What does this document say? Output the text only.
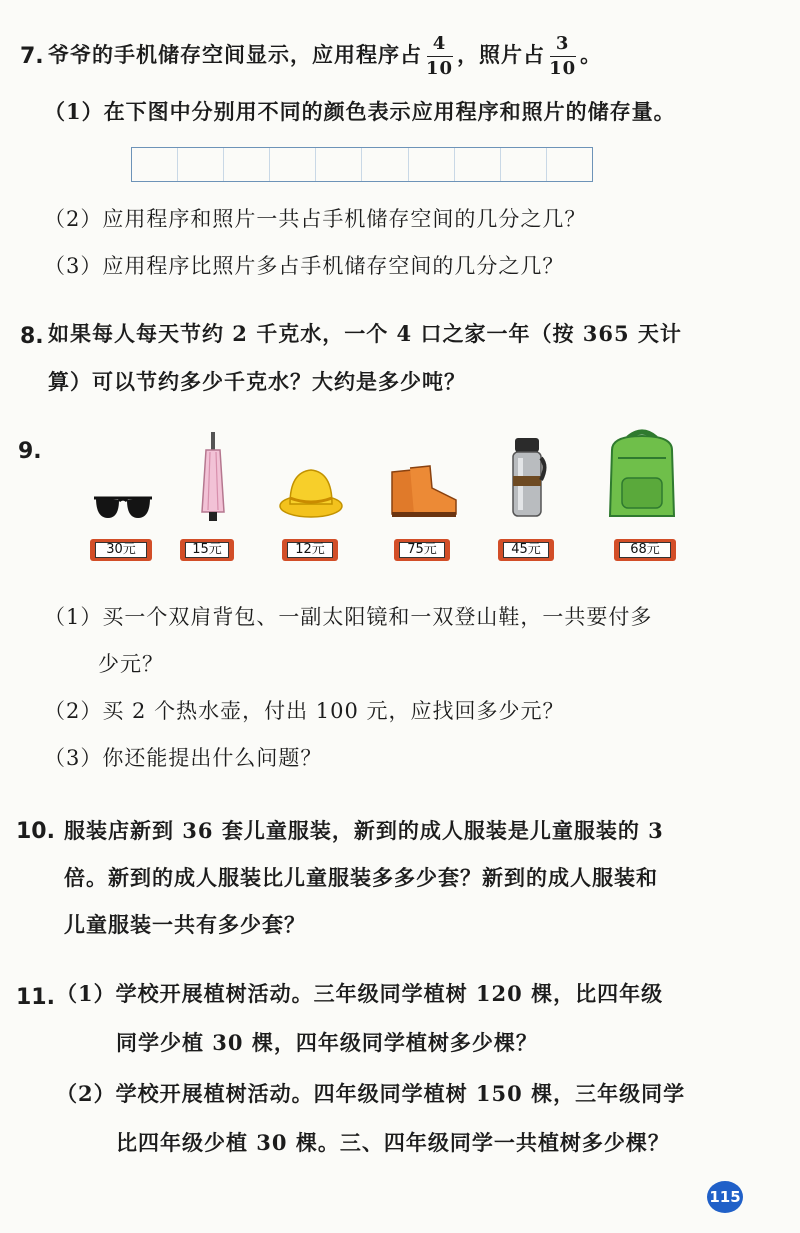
7. 爷爷的手机储存空间显示，应用程序占 $\frac{4}{10}$ ，照片占 $\frac{3}{10}$ 。
（1）在下图中分别用不同的颜色表示应用程序和照片的储存量。
（2）应用程序和照片一共占手机储存空间的几分之几？
（3）应用程序比照片多占手机储存空间的几分之几？
8. 如果每人每天节约 2 千克水，一个 4 口之家一年（按 365 天计
算）可以节约多少千克水？大约是多少吨？
9.
30元	15元	12元	75元	45元	68元
（1）买一个双肩背包、一副太阳镜和一双登山鞋，一共要付多
少元？
（2）买 2 个热水壶，付出 100 元，应找回多少元？
（3）你还能提出什么问题？
10. 服装店新到 36 套儿童服装，新到的成人服装是儿童服装的 3
倍。新到的成人服装比儿童服装多多少套？新到的成人服装和
儿童服装一共有多少套？
11. （1）学校开展植树活动。三年级同学植树 120 棵，比四年级
同学少植 30 棵，四年级同学植树多少棵？
（2）学校开展植树活动。四年级同学植树 150 棵，三年级同学
比四年级少植 30 棵。三、四年级同学一共植树多少棵？
115
